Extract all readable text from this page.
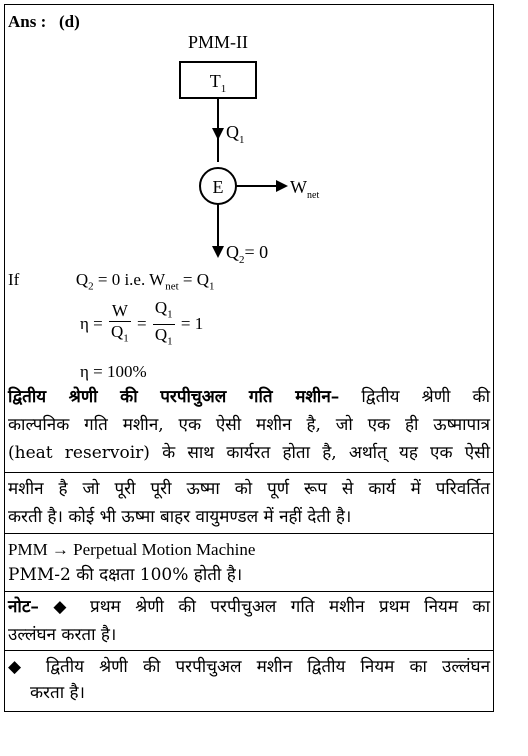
Ans : (d)
PMM-II
$T_1$
$Q_1$
E	$W_{net}$
$Q_2= 0$
If	$Q_2 = 0$ i.e. $W_{net} = Q_1$
$\eta = \frac{W}{Q_1} = \frac{Q_1}{Q_1} = 1$
η = 100%
द्वितीय श्रेणी की परपीचुअल गति मशीन– द्वितीय श्रेणी की
काल्पनिक गति मशीन, एक ऐसी मशीन है, जो एक ही ऊष्मापात्र
(heat reservoir) के साथ कार्यरत होता है, अर्थात् यह एक ऐसी
मशीन है जो पूरी पूरी ऊष्मा को पूर्ण रूप से कार्य में परिवर्तित
करती है। कोई भी ऊष्मा बाहर वायुमण्डल में नहीं देती है।
PMM → Perpetual Motion Machine
PMM-2 की दक्षता 100% होती है।
नोट– ◆ प्रथम श्रेणी की परपीचुअल गति मशीन प्रथम नियम का
उल्लंघन करता है।
◆ द्वितीय श्रेणी की परपीचुअल मशीन द्वितीय नियम का उल्लंघन
करता है।
